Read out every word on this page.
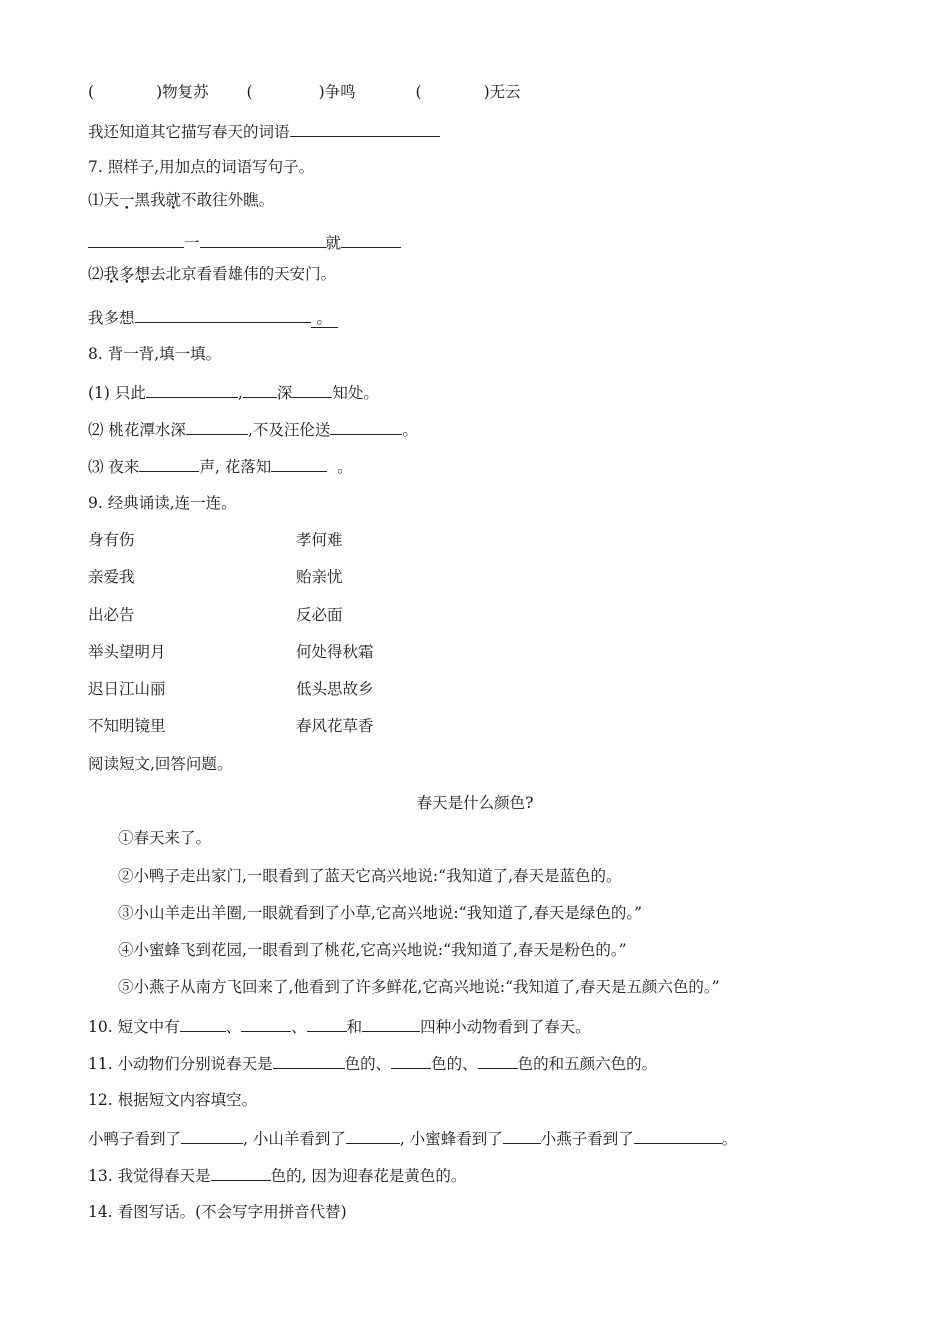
(	)物复苏 (	)争鸣	(	)无云
我还知道其它描写春天的词语
7. 照样子,用加点的词语写句子。
⑴天一黑我就不敢往外瞧。
一	就
⑵我多想去北京看看雄伟的天安门。
我多想	。
8. 背一背,填一填。
(1) 只此	, 深	知处。
⑵ 桃花潭水深	,不及汪伦送	。
⑶ 夜来	声, 花落知	。
9. 经典诵读,连一连。
身有伤	孝何难
亲爱我	贻亲忧
出必告	反必面
举头望明月	何处得秋霜
迟日江山丽	低头思故乡
不知明镜里	春风花草香
阅读短文,回答问题。
春天是什么颜色?
①春天来了。
②小鸭子走出家门,一眼看到了蓝天它高兴地说:“我知道了,春天是蓝色的。
③小山羊走出羊圈,一眼就看到了小草,它高兴地说:“我知道了,春天是绿色的。”
④小蜜蜂飞到花园,一眼看到了桃花,它高兴地说:“我知道了,春天是粉色的。”
⑤小燕子从南方飞回来了,他看到了许多鲜花,它高兴地说:“我知道了,春天是五颜六色的。”
10. 短文中有	、	、	和	四种小动物看到了春天。
11. 小动物们分别说春天是	色的、	色的、	色的和五颜六色的。
12. 根据短文内容填空。
小鸭子看到了	, 小山羊看到了	, 小蜜蜂看到了 小燕子看到了	。
13. 我觉得春天是	色的, 因为迎春花是黄色的。
14. 看图写话。(不会写字用拼音代替)
